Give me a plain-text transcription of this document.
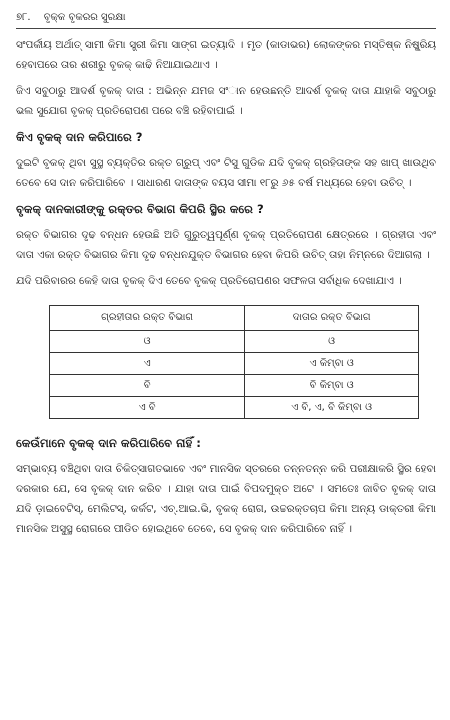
୭୮. ବୃକ୍କ ବୃକରର ସୁରକ୍ଷା

ସଂପର୍କୀୟ ଅର୍ଥାତ୍ ସାମୀ କିମା ସ୍ତ୍ରୀ କିମା ସାଙ୍ଗ ଇତ୍ୟାଦି । ମୃତ (କାଡାଭର) ଲୋକଙ୍କର ମସ୍ତିଷ୍କ ନିଷ୍କ୍ରିୟ ହେବାପରେ ତାର ଶରୀରୁ ବୃକକ୍ କାଢି ନିଆଯାଇଥାଏ ।

ଜିଏ ସବୁଠାରୁ ଆଦର୍ଶ ବୃକକ୍ ଦାତା : ଅଭିନ୍ନ ଯମଜ ସଂାନ ହେଉଛନ୍ତି ଆଦର୍ଶ ବୃକକ୍ ଦାତା ଯାହାକି ସବୁଠାରୁ ଭଲ ସୁଯୋଗ ବୃକକ୍ ପ୍ରତିରୋପଣ ପରେ ବଞ୍ଚି ରହିବାପାଇଁ ।

କିଏ ବୃକକ୍ ଦାନ କରିପାରେ ?

ଦୁଇଟି ବୃକକ୍ ଥିବା ସୁସ୍ଥ ବ୍ୟକ୍ତିର ରକ୍ତ ଗ୍ରୁପ୍ ଏବଂ ଟିସୁ ଗୁଡିକ ଯଦି ବୃକକ୍ ଗ୍ରହିତାଙ୍କ ସହ ଖାପ୍ ଖାଉଥିବ ତେବେ ସେ ଦାନ କରିପାରିବେ । ସାଧାରଣ ଦାତାଙ୍କ ବୟସ ସୀମା ୧୮ରୁ ୬୫ ବର୍ଷ ମଧ୍ୟରେ ହେବା ଉଚିତ୍ ।

ବୃକକ୍ ଦାନକାରୀଙ୍କୁ ରକ୍ତର ବିଭାଗ କିପରି ସ୍ଥିର କରେ ?

ରକ୍ତ ବିଭାଗର ଦୃଢ ବନ୍ଧନ ହେଉଛି ଅତି ଗୁରୁତ୍ୱପୂର୍ଣ୍ଣ ବୃକକ୍ ପ୍ରତିରୋପଣ କ୍ଷେତ୍ରରେ । ଗ୍ରହୀତା ଏବଂ ଦାତା ଏକା ରକ୍ତ ବିଭାଗର କିମା ଦୃଢ ବନ୍ଧନଯୁକ୍ତ ବିଭାଗର ହେବା କିପରି ଉଚିତ୍ ତାହା ନିମ୍ନରେ ଦିଆଗଲା ।

ଯଦି ପରିବାରର କେହି ଦାତା ବୃକକ୍ ଦିଏ ତେବେ ବୃକକ୍ ପ୍ରତିରୋପଣର ସଫଳତା ସର୍ବାଧିକ ଦେଖାଯାଏ ।

ଗ୍ରହୀତାର ରକ୍ତ ବିଭାଗ	ଦାତାର ରକ୍ତ ବିଭାଗ
ଓ	ଓ
ଏ	ଏ କିମ୍ବା ଓ
ବି	ବି କିମ୍ବା ଓ
ଏ ବି	ଏ ବି, ଏ, ବି କିମ୍ବା ଓ
କେଉଁମାନେ ବୃକକ୍ ଦାନ କରିପାରିବେ ନାହିଁ :

ସମ୍ଭାବ୍ୟ ବଞ୍ଚିଥିବା ଦାତା ଚିକିତ୍ସାଗତଭାବେ ଏବଂ ମାନସିକ ସ୍ତରରେ ତନ୍ନତନ୍ନ କରି ପରୀକ୍ଷାକରି ସ୍ଥିର ହେବା ଦରକାର ଯେ, ସେ ବୃକକ୍ ଦାନ କରିବ । ଯାହା ଦାତା ପାଇଁ ବିପଦମୁକ୍ତ ଅଟେ । ସମତେଃ ଜାବିତ ବୃକକ୍ ଦାତା ଯଦି ଡ଼ାଇବେଟିସ୍, ମେଲିଟସ୍, କର୍କଟ, ଏଚ୍.ଆଇ.ଭି, ବୃକକ୍ ରୋଗ, ଉଚ୍ଚରକ୍ତଚାପ କିମା ଅନ୍ୟ ଡାକ୍ତରୀ କିମା ମାନସିକ ଅସୁସ୍ଥ ରୋଗରେ ପୀଡିତ ହୋଇଥିବେ ତେବେ, ସେ ବୃକକ୍ ଦାନ କରିପାରିବେ ନାହିଁ ।
